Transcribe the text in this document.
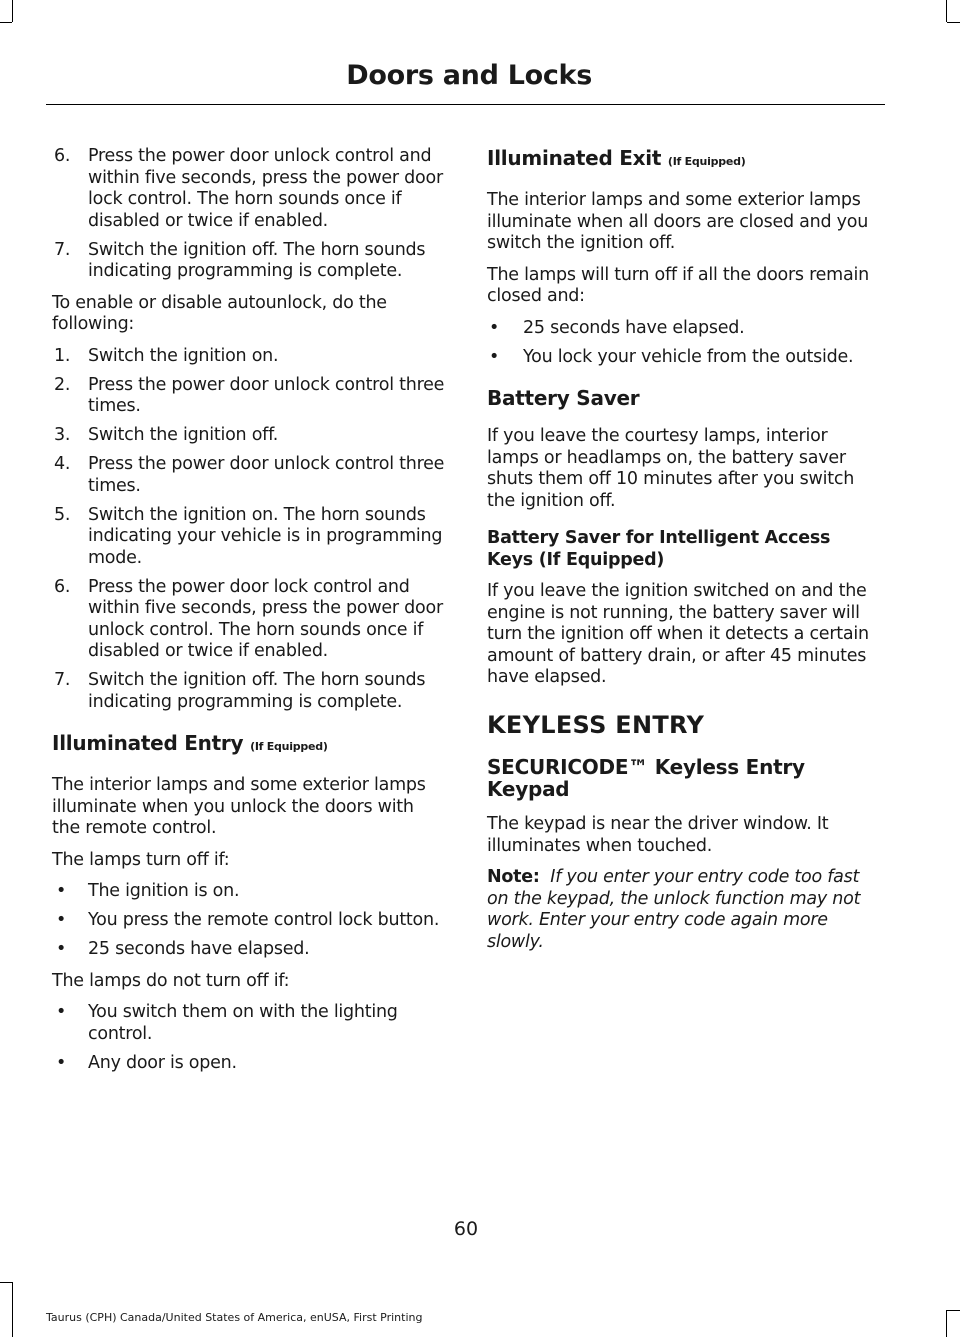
Doors and Locks
6. Press the power door unlock control and within five seconds, press the power door lock control. The horn sounds once if disabled or twice if enabled.
7. Switch the ignition off. The horn sounds indicating programming is complete.

To enable or disable autounlock, do the following:

1. Switch the ignition on.
2. Press the power door unlock control three times.
3. Switch the ignition off.
4. Press the power door unlock control three times.
5. Switch the ignition on. The horn sounds indicating your vehicle is in programming mode.
6. Press the power door lock control and within five seconds, press the power door unlock control. The horn sounds once if disabled or twice if enabled.
7. Switch the ignition off. The horn sounds indicating programming is complete.
Illuminated Entry (If Equipped)

The interior lamps and some exterior lamps illuminate when you unlock the doors with the remote control.

The lamps turn off if:

• The ignition is on.
• You press the remote control lock button.
• 25 seconds have elapsed.

The lamps do not turn off if:

• You switch them on with the lighting control.
• Any door is open.
Illuminated Exit (If Equipped)

The interior lamps and some exterior lamps illuminate when all doors are closed and you switch the ignition off.

The lamps will turn off if all the doors remain closed and:

• 25 seconds have elapsed.
• You lock your vehicle from the outside.
Battery Saver

If you leave the courtesy lamps, interior lamps or headlamps on, the battery saver shuts them off 10 minutes after you switch the ignition off.

Battery Saver for Intelligent Access Keys (If Equipped)

If you leave the ignition switched on and the engine is not running, the battery saver will turn the ignition off when it detects a certain amount of battery drain, or after 45 minutes have elapsed.

KEYLESS ENTRY
SECURICODE™ Keyless Entry Keypad

The keypad is near the driver window. It illuminates when touched.

Note: If you enter your entry code too fast on the keypad, the unlock function may not work. Enter your entry code again more slowly.

60
Taurus (CPH) Canada/United States of America, enUSA, First Printing
